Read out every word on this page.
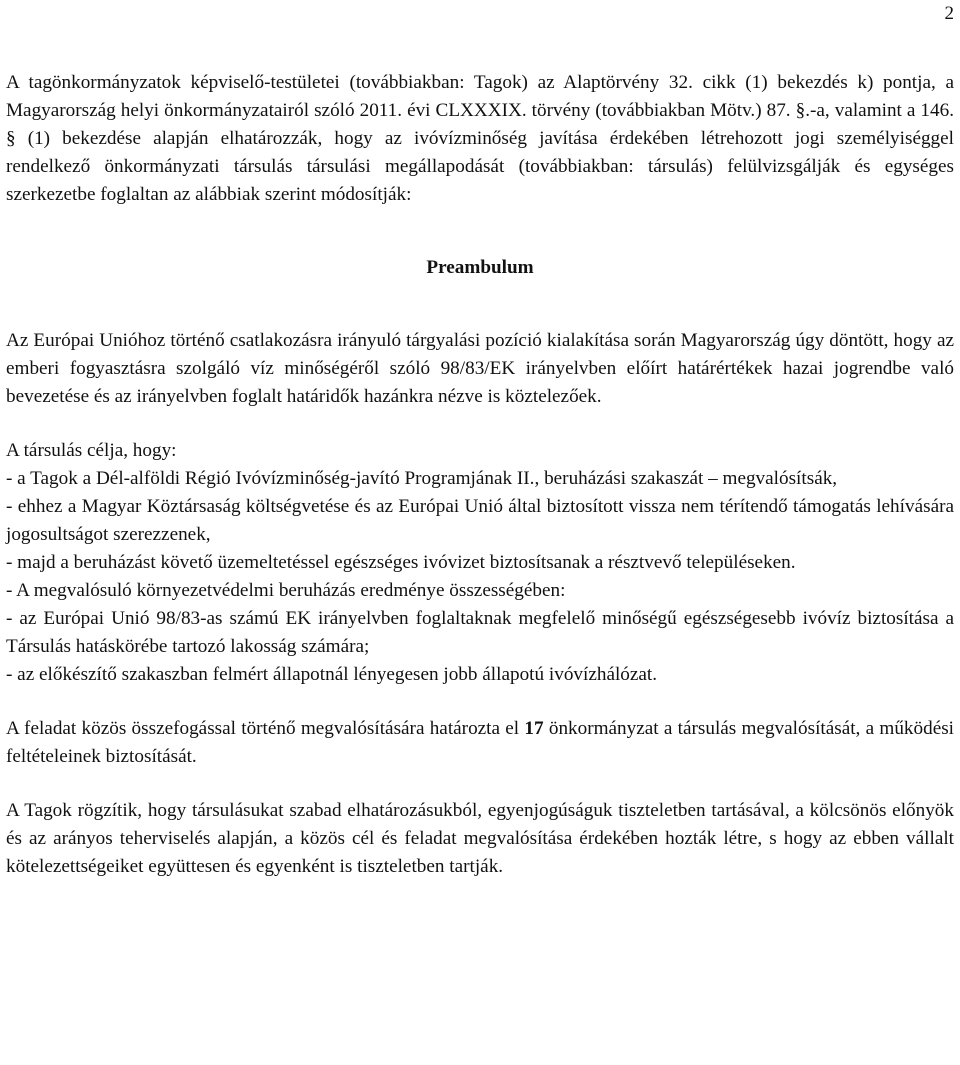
2

A tagönkormányzatok képviselő-testületei (továbbiakban: Tagok) az Alaptörvény 32. cikk (1) bekezdés k) pontja, a Magyarország helyi önkormányzatairól szóló 2011. évi CLXXXIX. törvény (továbbiakban Mötv.) 87. §.-a, valamint a 146. § (1) bekezdése alapján elhatározzák, hogy az ivóvízminőség javítása érdekében létrehozott jogi személyiséggel rendelkező önkormányzati társulás társulási megállapodását (továbbiakban: társulás) felülvizsgálják és egységes szerkezetbe foglaltan az alábbiak szerint módosítják:

Preambulum

Az Európai Unióhoz történő csatlakozásra irányuló tárgyalási pozíció kialakítása során Magyarország úgy döntött, hogy az emberi fogyasztásra szolgáló víz minőségéről szóló 98/83/EK irányelvben előírt határértékek hazai jogrendbe való bevezetése és az irányelvben foglalt határidők hazánkra nézve is köztelezőek.

A társulás célja, hogy:

- a Tagok a Dél-alföldi Régió Ivóvízminőség-javító Programjának II., beruházási szakaszát – megvalósítsák,

- ehhez a Magyar Köztársaság költségvetése és az Európai Unió által biztosított vissza nem térítendő támogatás lehívására jogosultságot szerezzenek,

- majd a beruházást követő üzemeltetéssel egészséges ivóvizet biztosítsanak a résztvevő településeken.

- A megvalósuló környezetvédelmi beruházás eredménye összességében:

- az Európai Unió 98/83-as számú EK irányelvben foglaltaknak megfelelő minőségű egészségesebb ivóvíz biztosítása a Társulás hatáskörébe tartozó lakosság számára;

- az előkészítő szakaszban felmért állapotnál lényegesen jobb állapotú ivóvízhálózat.

A feladat közös összefogással történő megvalósítására határozta el 17 önkormányzat a társulás megvalósítását, a működési feltételeinek biztosítását.

A Tagok rögzítik, hogy társulásukat szabad elhatározásukból, egyenjogúságuk tiszteletben tartásával, a kölcsönös előnyök és az arányos teherviselés alapján, a közös cél és feladat megvalósítása érdekében hozták létre, s hogy az ebben vállalt kötelezettségeiket együttesen és egyenként is tiszteletben tartják.
